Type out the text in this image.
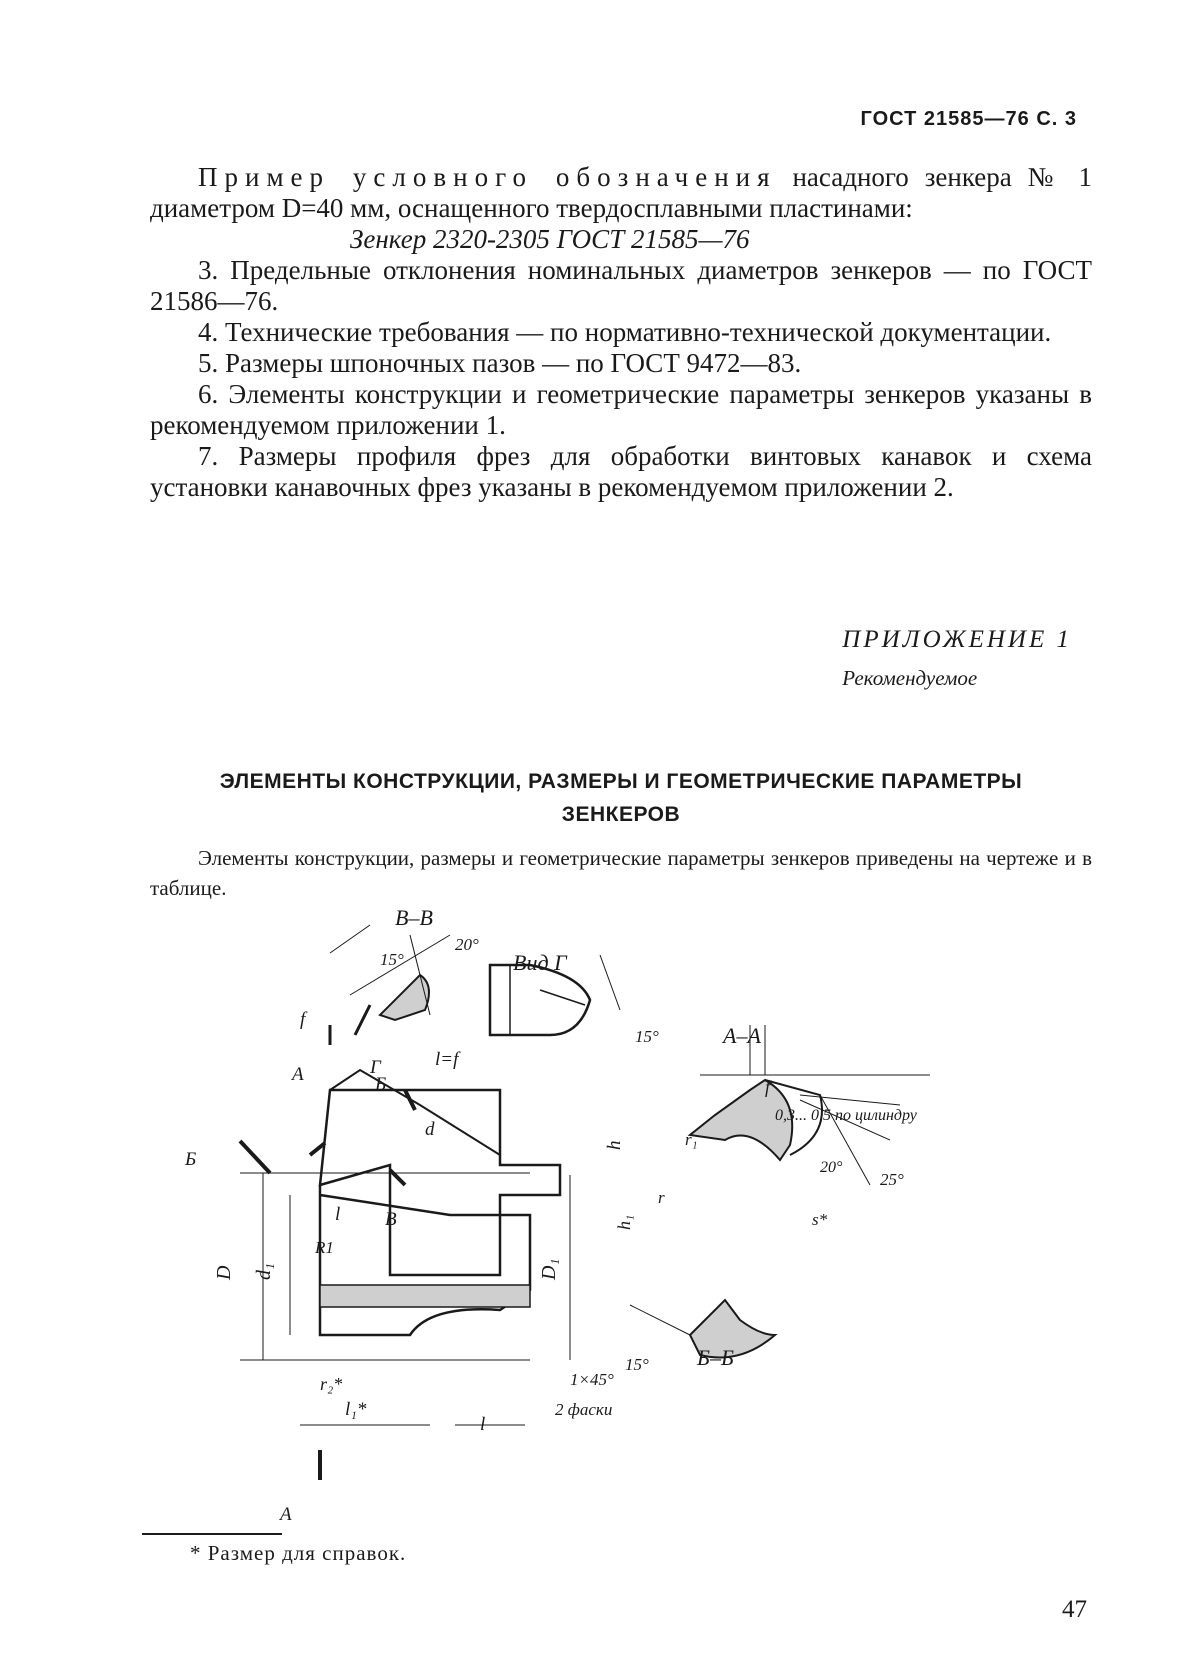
ГОСТ 21585—76 С. 3

Пример условного обозначения насадного зенкера № 1 диаметром D=40 мм, оснащенного твердосплавными пластинами:

Зенкер 2320-2305 ГОСТ 21585—76

3. Предельные отклонения номинальных диаметров зенкеров — по ГОСТ 21586—76.

4. Технические требования — по нормативно-технической документации.

5. Размеры шпоночных пазов — по ГОСТ 9472—83.

6. Элементы конструкции и геометрические параметры зенкеров указаны в рекомендуемом приложении 1.

7. Размеры профиля фрез для обработки винтовых канавок и схема установки канавочных фрез указаны в рекомендуемом приложении 2.

ПРИЛОЖЕНИЕ 1
Рекомендуемое
ЭЛЕМЕНТЫ КОНСТРУКЦИИ, РАЗМЕРЫ И ГЕОМЕТРИЧЕСКИЕ ПАРАМЕТРЫ
ЗЕНКЕРОВ

Элементы конструкции, размеры и геометрические параметры зенкеров приведены на чертеже и в таблице.

В–В
15°
20°
Вид Г
15°
f
l=f
А–А
f
0,3... 0,5 по цилиндру
А	Г
Б
Б
d
В
l
R1
D d₁	D₁
r₂*	1×45°
2 фаски
l₁*
l
А
h	r₁
r
h₁
20°
25°
s*
15° Б–Б
* Размер для справок.
47
